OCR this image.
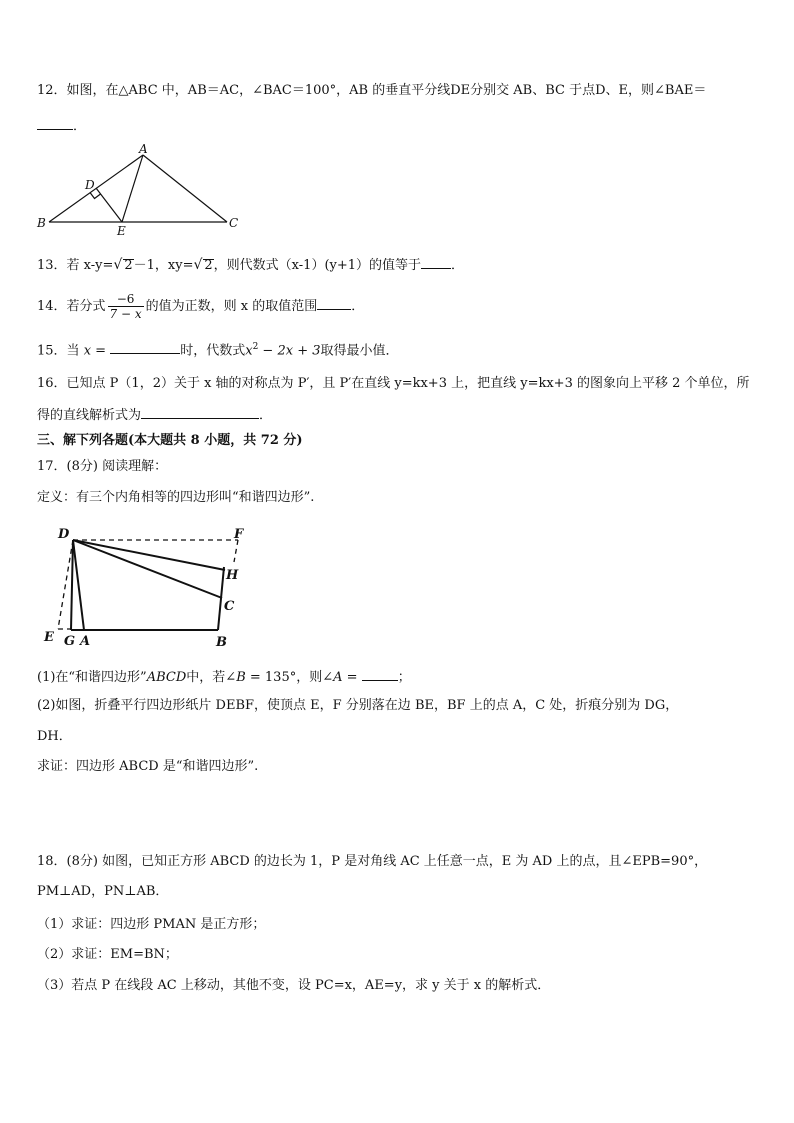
12．如图，在△ABC 中，AB＝AC，∠BAC＝100°，AB 的垂直平分线DE分别交 AB、BC 于点D、E，则∠BAE＝
．
A
B	C
D
E
13．若 x-y=√ 2－1，xy=√ 2，则代数式（x-1）(y+1）的值等于 ．
14．若分式 $\frac{-6}{7 - x}$ 的值为正数，则 x 的取值范围	．
15．当 x =	时，代数式$x^2 - 2x + 3$取得最小值．
16．已知点 P（1，2）关于 x 轴的对称点为 P′，且 P′在直线 y=kx+3 上，把直线 y=kx+3 的图象向上平移 2 个单位，所
得的直线解析式为	．
三、解下列各题(本大题共 8 小题，共 72 分)
17．(8分) 阅读理解：
定义：有三个内角相等的四边形叫“和谐四边形”.
D	F
H
C
E G A	B
(1)在“和谐四边形”ABCD中，若∠B = 135°，则∠A =	；
(2)如图，折叠平行四边形纸片 DEBF，使顶点 E，F 分别落在边 BE，BF 上的点 A，C 处，折痕分别为 DG，
DH．
求证：四边形 ABCD 是“和谐四边形”.
18．(8分) 如图，已知正方形 ABCD 的边长为 1，P 是对角线 AC 上任意一点，E 为 AD 上的点，且∠EPB=90°，
PM⊥AD，PN⊥AB．
（1）求证：四边形 PMAN 是正方形；
（2）求证：EM=BN；
（3）若点 P 在线段 AC 上移动，其他不变，设 PC=x，AE=y，求 y 关于 x 的解析式．
